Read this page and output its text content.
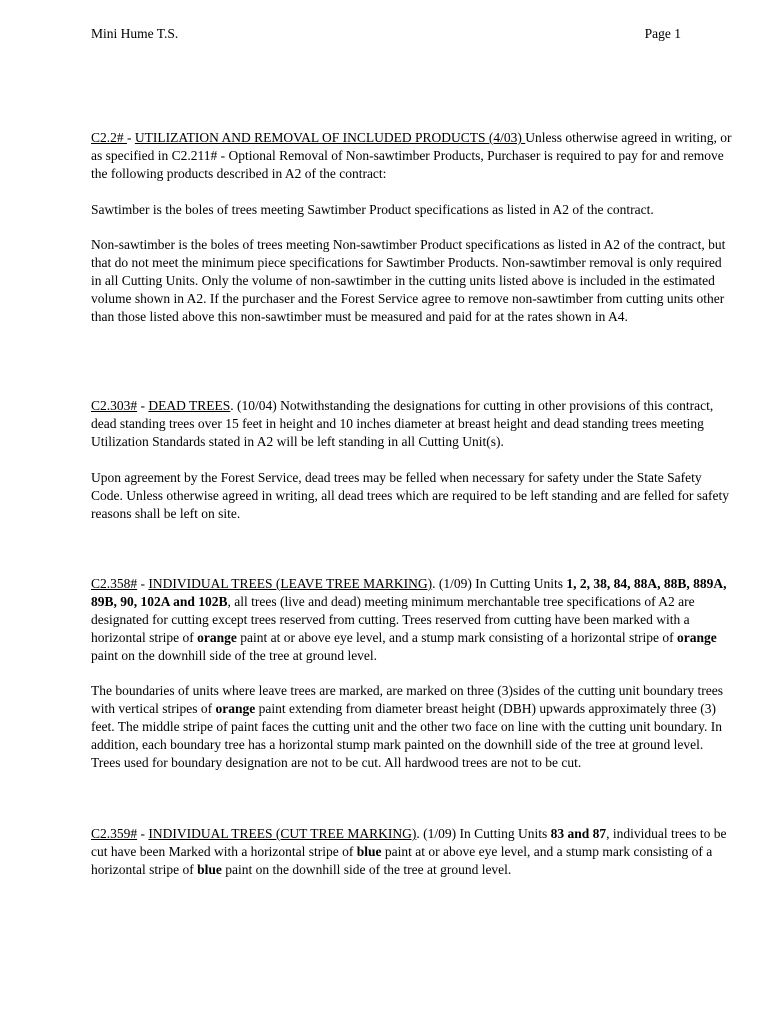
Mini Hume T.S.	Page 1

C2.2# - UTILIZATION AND REMOVAL OF INCLUDED PRODUCTS (4/03) Unless otherwise agreed in writing, or as specified in C2.211# - Optional Removal of Non-sawtimber Products, Purchaser is required to pay for and remove the following products described in A2 of the contract:

Sawtimber is the boles of trees meeting Sawtimber Product specifications as listed in A2 of the contract.

Non-sawtimber is the boles of trees meeting Non-sawtimber Product specifications as listed in A2 of the contract, but that do not meet the minimum piece specifications for Sawtimber Products. Non-sawtimber removal is only required in all Cutting Units. Only the volume of non-sawtimber in the cutting units listed above is included in the estimated volume shown in A2. If the purchaser and the Forest Service agree to remove non-sawtimber from cutting units other than those listed above this non-sawtimber must be measured and paid for at the rates shown in A4.

C2.303# - DEAD TREES. (10/04) Notwithstanding the designations for cutting in other provisions of this contract, dead standing trees over 15 feet in height and 10 inches diameter at breast height and dead standing trees meeting Utilization Standards stated in A2 will be left standing in all Cutting Unit(s).

Upon agreement by the Forest Service, dead trees may be felled when necessary for safety under the State Safety Code. Unless otherwise agreed in writing, all dead trees which are required to be left standing and are felled for safety reasons shall be left on site.

C2.358# - INDIVIDUAL TREES (LEAVE TREE MARKING). (1/09) In Cutting Units 1, 2, 38, 84, 88A, 88B, 889A, 89B, 90, 102A and 102B, all trees (live and dead) meeting minimum merchantable tree specifications of A2 are designated for cutting except trees reserved from cutting. Trees reserved from cutting have been marked with a horizontal stripe of orange paint at or above eye level, and a stump mark consisting of a horizontal stripe of orange paint on the downhill side of the tree at ground level.

The boundaries of units where leave trees are marked, are marked on three (3)sides of the cutting unit boundary trees with vertical stripes of orange paint extending from diameter breast height (DBH) upwards approximately three (3) feet. The middle stripe of paint faces the cutting unit and the other two face on line with the cutting unit boundary. In addition, each boundary tree has a horizontal stump mark painted on the downhill side of the tree at ground level. Trees used for boundary designation are not to be cut. All hardwood trees are not to be cut.

C2.359# - INDIVIDUAL TREES (CUT TREE MARKING). (1/09) In Cutting Units 83 and 87, individual trees to be cut have been Marked with a horizontal stripe of blue paint at or above eye level, and a stump mark consisting of a horizontal stripe of blue paint on the downhill side of the tree at ground level.
